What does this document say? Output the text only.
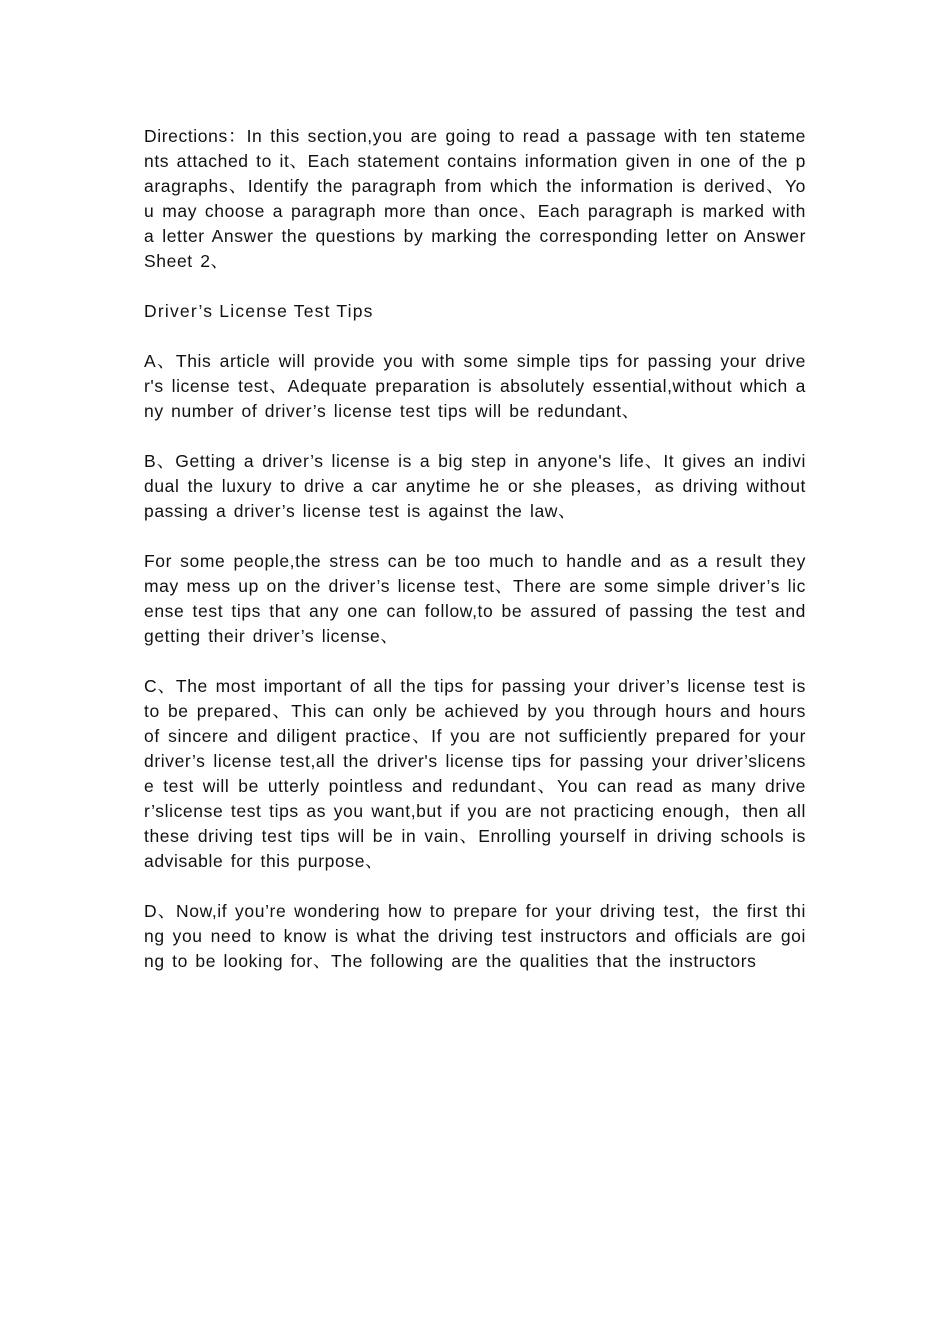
Directions：In this section,you are going to read a passage with ten statements attached to it、Each statement contains information given in one of the paragraphs、Identify the paragraph from which the information is derived、You may choose a paragraph more than once、Each paragraph is marked with a letter Answer the questions by marking the corresponding letter on Answer Sheet 2、

Driver’s License Test Tips

A、This article will provide you with some simple tips for passing your driver's license test、Adequate preparation is absolutely essential,without which any number of driver’s license test tips will be redundant、

B、Getting a driver’s license is a big step in anyone's life、It gives an individual the luxury to drive a car anytime he or she pleases，as driving without passing a driver’s license test is against the law、

For some people,the stress can be too much to handle and as a result they may mess up on the driver’s license test、There are some simple driver’s license test tips that any one can follow,to be assured of passing the test and getting their driver’s license、

C、The most important of all the tips for passing your driver’s license test is to be prepared、This can only be achieved by you through hours and hours of sincere and diligent practice、If you are not sufficiently prepared for your driver’s license test,all the driver's license tips for passing your driver’slicense test will be utterly pointless and redundant、You can read as many driver’slicense test tips as you want,but if you are not practicing enough，then all these driving test tips will be in vain、Enrolling yourself in driving schools is advisable for this purpose、

D、Now,if you’re wondering how to prepare for your driving test，the first thing you need to know is what the driving test instructors and officials are going to be looking for、The following are the qualities that the instructors
